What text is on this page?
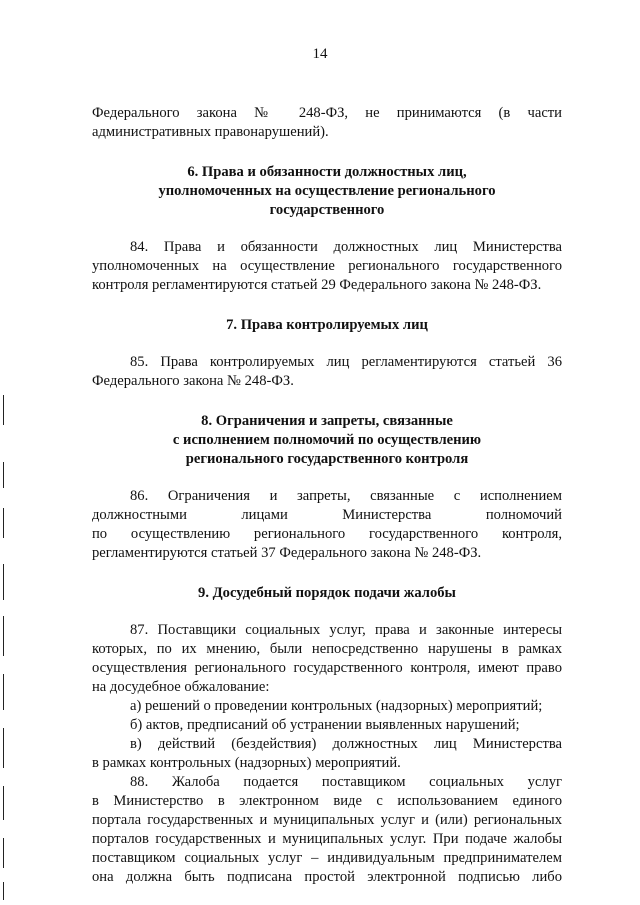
14
Федерального закона № 248-ФЗ, не принимаются (в части
административных правонарушений).
6. Права и обязанности должностных лиц,
уполномоченных на осуществление регионального
государственного
84. Права и обязанности должностных лиц Министерства
уполномоченных на осуществление регионального государственного
контроля регламентируются статьей 29 Федерального закона № 248-ФЗ.
7. Права контролируемых лиц
85. Права контролируемых лиц регламентируются статьей 36
Федерального закона № 248-ФЗ.
8. Ограничения и запреты, связанные
с исполнением полномочий по осуществлению
регионального государственного контроля
86. Ограничения и запреты, связанные с исполнением
должностными лицами Министерства полномочий
по осуществлению регионального государственного контроля,
регламентируются статьей 37 Федерального закона № 248-ФЗ.
9. Досудебный порядок подачи жалобы
87. Поставщики социальных услуг, права и законные интересы
которых, по их мнению, были непосредственно нарушены в рамках
осуществления регионального государственного контроля, имеют право
на досудебное обжалование:
а) решений о проведении контрольных (надзорных) мероприятий;
б) актов, предписаний об устранении выявленных нарушений;
в) действий (бездействия) должностных лиц Министерства
в рамках контрольных (надзорных) мероприятий.
88. Жалоба подается поставщиком социальных услуг
в Министерство в электронном виде с использованием единого
портала государственных и муниципальных услуг и (или) региональных
порталов государственных и муниципальных услуг. При подаче жалобы
поставщиком социальных услуг – индивидуальным предпринимателем
она должна быть подписана простой электронной подписью либо
